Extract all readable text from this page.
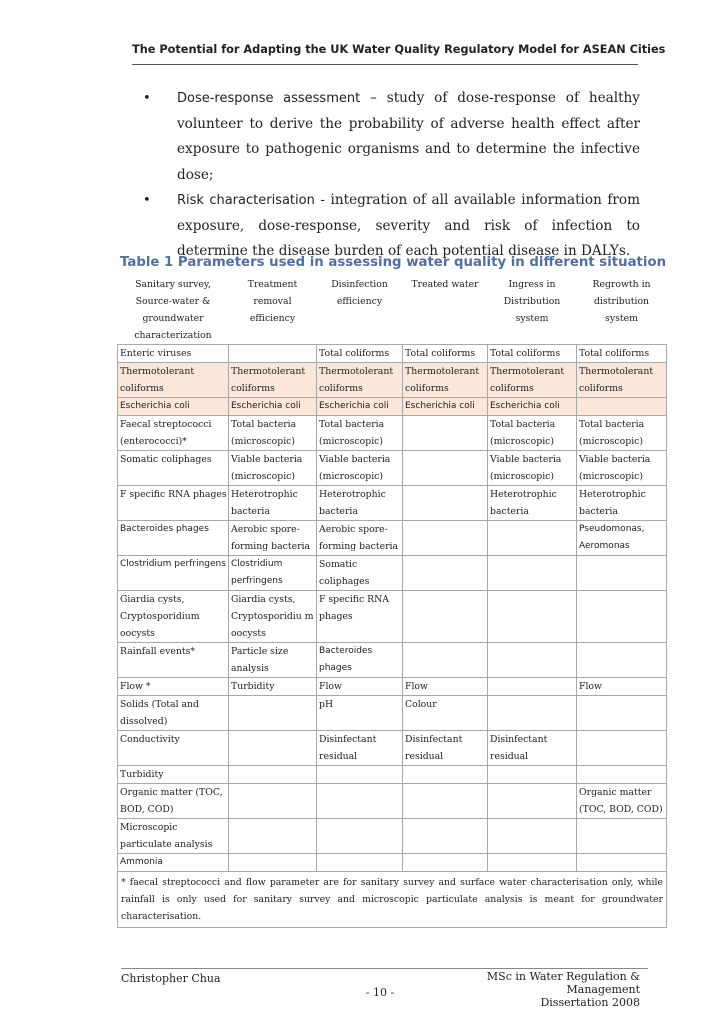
The Potential for Adapting the UK Water Quality Regulatory Model for ASEAN Cities
• Dose-response assessment – study of dose-response of healthy volunteer to derive the probability of adverse health effect after exposure to pathogenic organisms and to determine the infective dose;
• Risk characterisation - integration of all available information from exposure, dose-response, severity and risk of infection to determine the disease burden of each potential disease in DALYs.
Table 1 Parameters used in assessing water quality in different situation
Sanitary survey, Source-water & groundwater characterization	Treatment removal efficiency	Disinfection efficiency	Treated water	Ingress in Distribution system	Regrowth in distribution system
Enteric viruses		Total coliforms	Total coliforms	Total coliforms	Total coliforms
Thermotolerant coliforms	Thermotolerant coliforms	Thermotolerant coliforms	Thermotolerant coliforms	Thermotolerant coliforms	Thermotolerant coliforms
Escherichia coli	Escherichia coli	Escherichia coli	Escherichia coli	Escherichia coli	
Faecal streptococci (enterococci)*	Total bacteria (microscopic)	Total bacteria (microscopic)		Total bacteria (microscopic)	Total bacteria (microscopic)
Somatic coliphages	Viable bacteria (microscopic)	Viable bacteria (microscopic)		Viable bacteria (microscopic)	Viable bacteria (microscopic)
F specific RNA phages	Heterotrophic bacteria	Heterotrophic bacteria		Heterotrophic bacteria	Heterotrophic bacteria
Bacteroides phages	Aerobic spore-forming bacteria	Aerobic spore-forming bacteria			Pseudomonas, Aeromonas
Clostridium perfringens	Clostridium perfringens	Somatic coliphages			
Giardia cysts, Cryptosporidium oocysts	Giardia cysts, Cryptosporidiu m oocysts	F specific RNA phages			
Rainfall events*	Particle size analysis	Bacteroides phages			
Flow *	Turbidity	Flow	Flow		Flow
Solids (Total and dissolved)		pH	Colour		
Conductivity		Disinfectant residual	Disinfectant residual	Disinfectant residual	
Turbidity					
Organic matter (TOC, BOD, COD)					Organic matter (TOC, BOD, COD)
Microscopic particulate analysis					
Ammonia					
* faecal streptococci and flow parameter are for sanitary survey and surface water characterisation only, while rainfall is only used for sanitary survey and microscopic particulate analysis is meant for groundwater characterisation.					
Christopher Chua	MSc in Water Regulation & Management
Dissertation 2008
- 10 -
